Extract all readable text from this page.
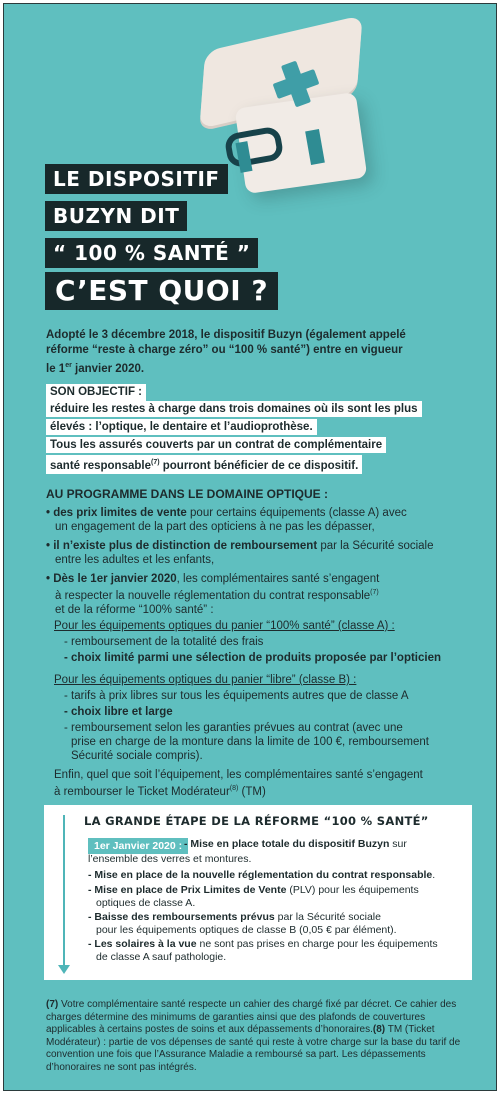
LE DISPOSITIF
BUZYN DIT
“ 100 % SANTÉ ”
C’EST QUOI ?
Adopté le 3 décembre 2018, le dispositif Buzyn (également appelé
réforme “reste à charge zéro” ou “100 % santé”) entre en vigueur
le 1er janvier 2020.
SON OBJECTIF :
réduire les restes à charge dans trois domaines où ils sont les plus
élevés : l’optique, le dentaire et l’audioprothèse.
Tous les assurés couverts par un contrat de complémentaire
santé responsable$^{(7)}$ pourront bénéficier de ce dispositif.
AU PROGRAMME DANS LE DOMAINE OPTIQUE :
• des prix limites de vente pour certains équipements (classe A) avec
un engagement de la part des opticiens à ne pas les dépasser,
• il n’existe plus de distinction de remboursement par la Sécurité sociale
entre les adultes et les enfants,
• Dès le 1er janvier 2020, les complémentaires santé s’engagent
à respecter la nouvelle réglementation du contrat responsable$^{(7)}$
et de la réforme “100% santé” :
Pour les équipements optiques du panier “100% santé” (classe A) :
- remboursement de la totalité des frais
- choix limité parmi une sélection de produits proposée par l’opticien
Pour les équipements optiques du panier “libre” (classe B) :
- tarifs à prix libres sur tous les équipements autres que de classe A
- choix libre et large
- remboursement selon les garanties prévues au contrat (avec une
prise en charge de la monture dans la limite de 100 €, remboursement
Sécurité sociale compris).
Enfin, quel que soit l’équipement, les complémentaires santé s’engagent
à rembourser le Ticket Modérateur$^{(8)}$ (TM)
LA GRANDE ÉTAPE DE LA RÉFORME “100 % SANTÉ”
1er Janvier 2020 : - Mise en place totale du dispositif Buzyn sur
l’ensemble des verres et montures.
- Mise en place de la nouvelle réglementation du contrat responsable.
- Mise en place de Prix Limites de Vente (PLV) pour les équipements
optiques de classe A.
- Baisse des remboursements prévus par la Sécurité sociale
pour les équipements optiques de classe B (0,05 € par élément).
- Les solaires à la vue ne sont pas prises en charge pour les équipements
de classe A sauf pathologie.
(7) Votre complémentaire santé respecte un cahier des chargé fixé par décret. Ce cahier des charges détermine des minimums de garanties ainsi que des plafonds de couvertures applicables à certains postes de soins et aux dépassements d’honoraires.(8) TM (Ticket Modérateur) : partie de vos dépenses de santé qui reste à votre charge sur la base du tarif de convention une fois que l’Assurance Maladie a remboursé sa part. Les dépassements d’honoraires ne sont pas intégrés.
